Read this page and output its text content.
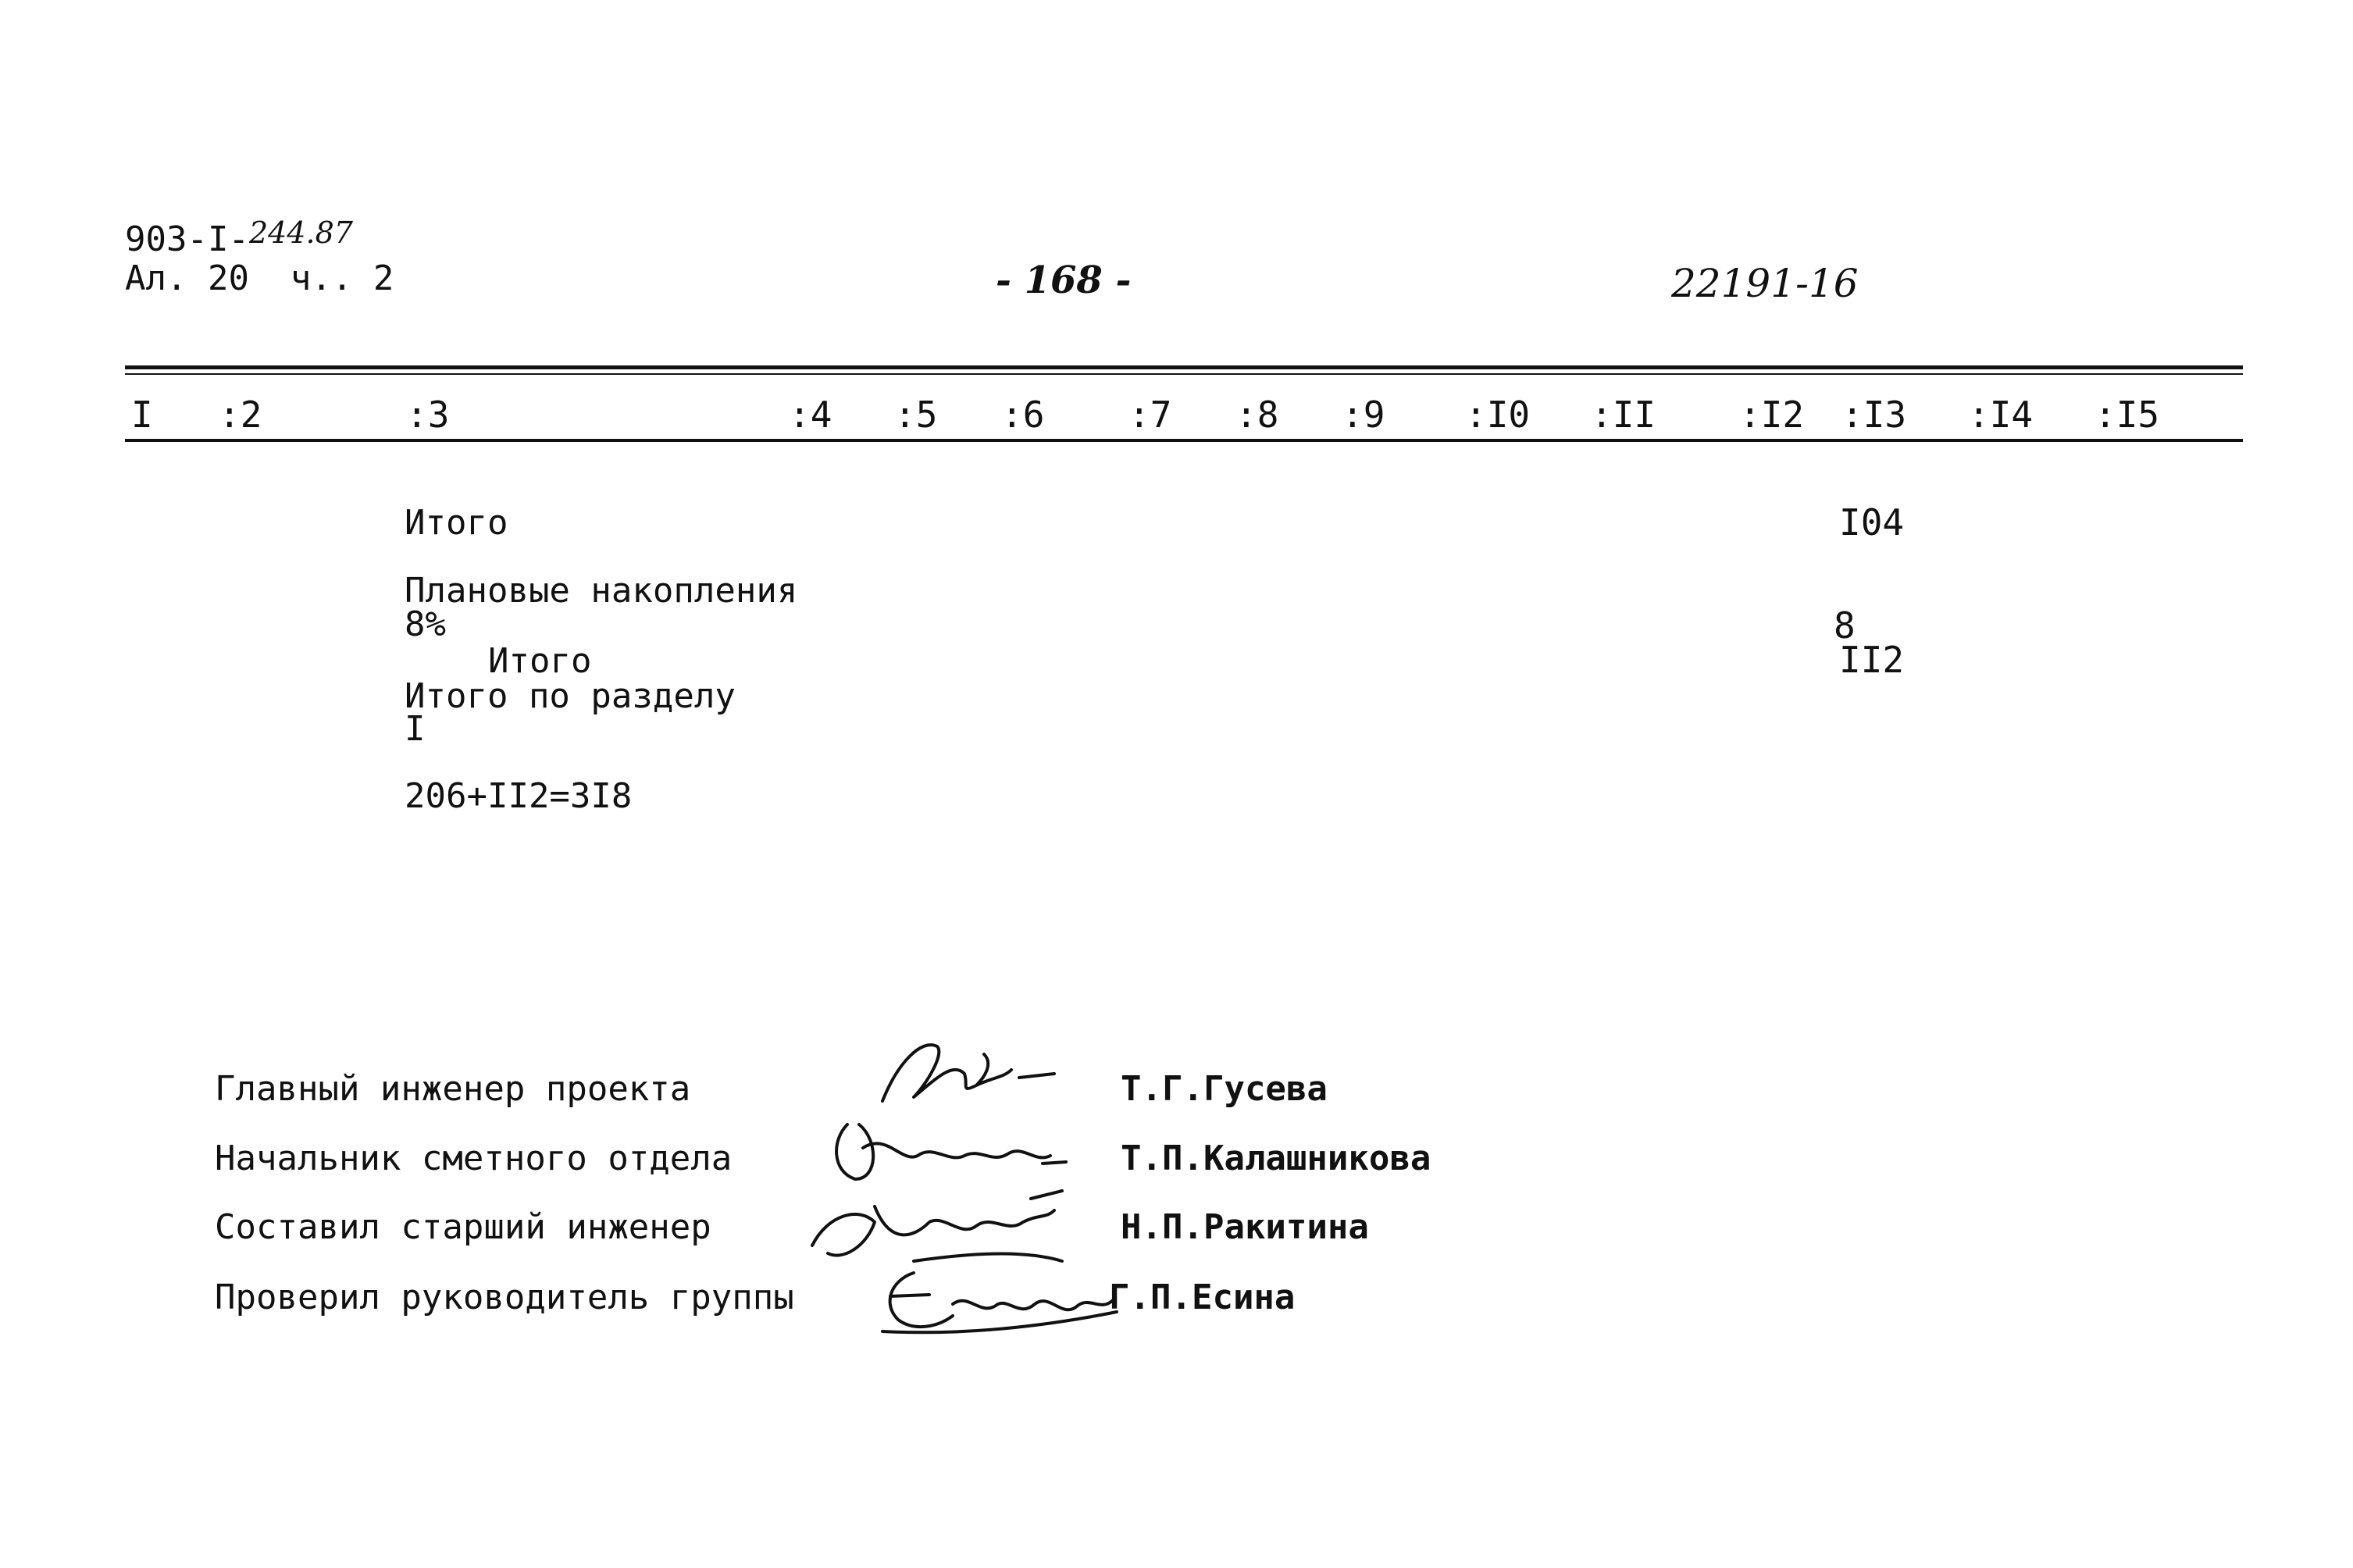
903-I-244.87
Ал. 20  ч.. 2	- 168 -	22191-16
I :2	:3	:4 :5 :6 :7 :8 :9 :I0 :II :I2 :I3 :I4 :I5
Итого	I04
Плановые накопления
8%	8
Итого	II2
Итого по разделу
I
206+II2=3I8
Главный инженер проекта	Т.Г.Гусева
Начальник сметного отдела	Т.П.Калашникова
Составил старший инженер	Н.П.Ракитина
Проверил руководитель группы	Г.П.Есина
